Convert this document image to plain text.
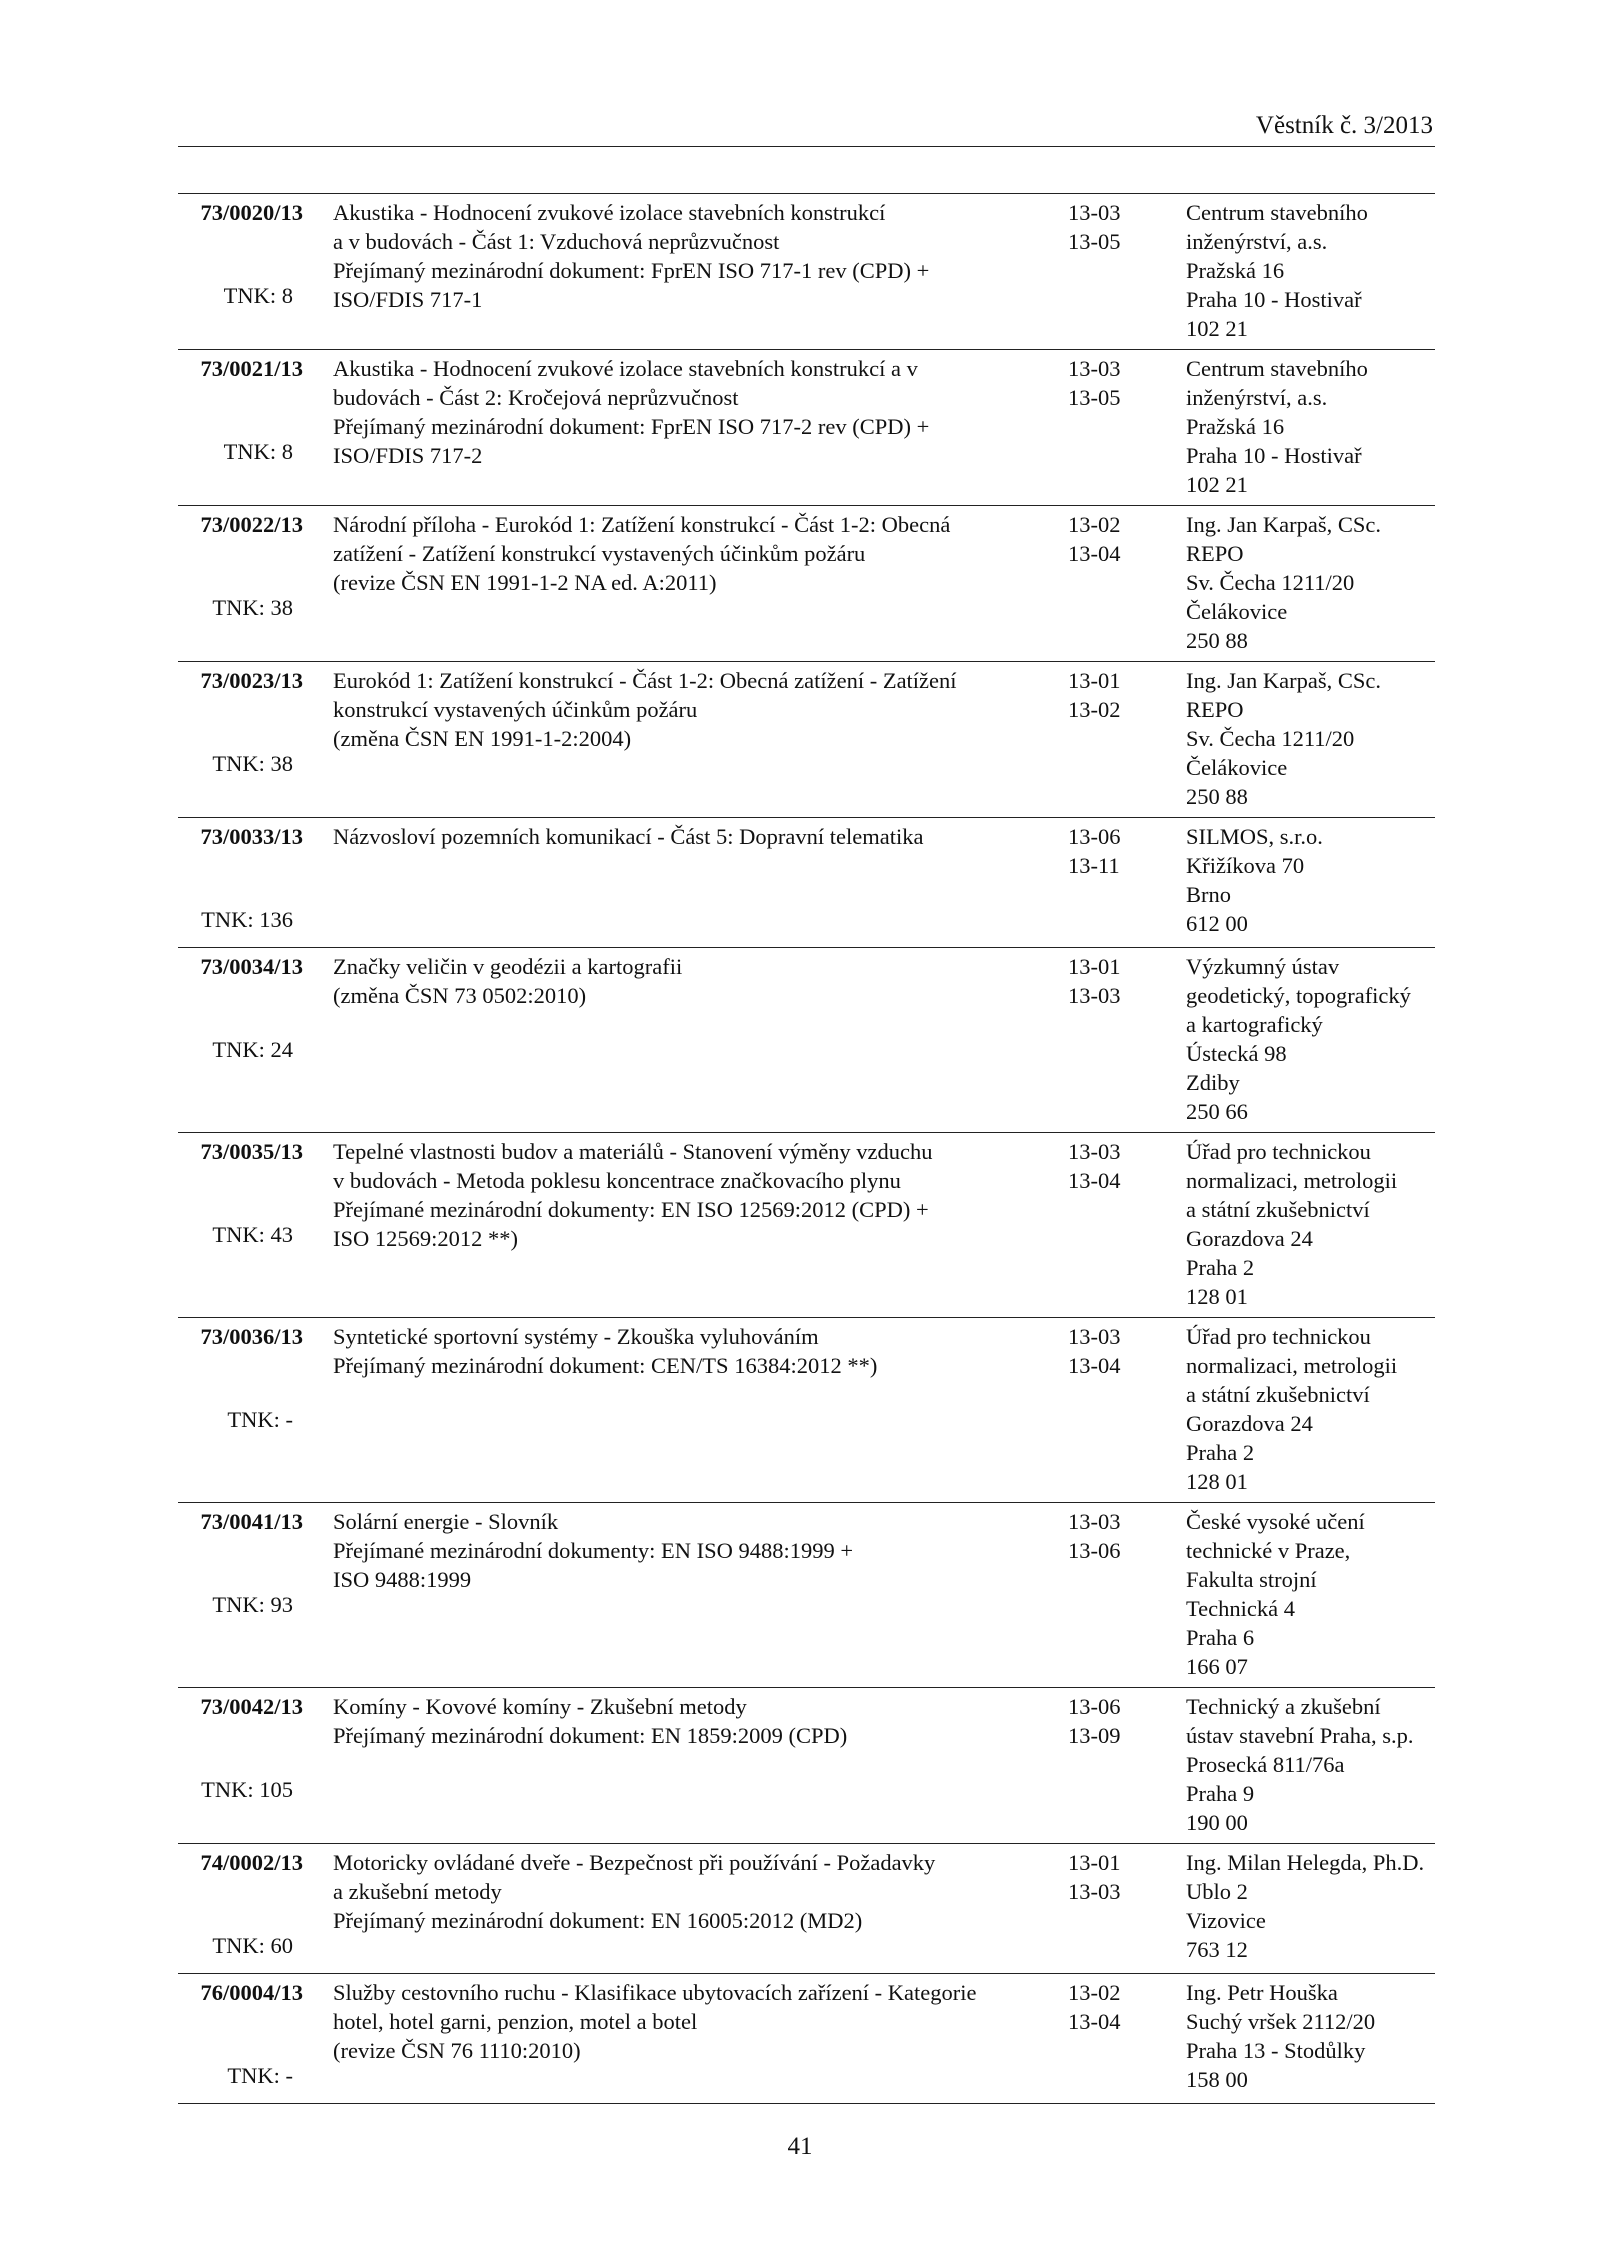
Věstník č. 3/2013
73/0020/13
TNK: 8
Akustika - Hodnocení zvukové izolace stavebních konstrukcí
a v budovách - Část 1: Vzduchová neprůzvučnost
Přejímaný mezinárodní dokument: FprEN ISO 717-1 rev (CPD) +
ISO/FDIS 717-1
13-03
13-05
Centrum stavebního
inženýrství, a.s.
Pražská 16
Praha 10 - Hostivař
102 21
73/0021/13
TNK: 8
Akustika - Hodnocení zvukové izolace stavebních konstrukcí a v
budovách - Část 2: Kročejová neprůzvučnost
Přejímaný mezinárodní dokument: FprEN ISO 717-2 rev (CPD) +
ISO/FDIS 717-2
13-03
13-05
Centrum stavebního
inženýrství, a.s.
Pražská 16
Praha 10 - Hostivař
102 21
73/0022/13
TNK: 38
Národní příloha - Eurokód 1: Zatížení konstrukcí - Část 1-2: Obecná
zatížení - Zatížení konstrukcí vystavených účinkům požáru
(revize ČSN EN 1991-1-2 NA ed. A:2011)
13-02
13-04
Ing. Jan Karpaš, CSc.
REPO
Sv. Čecha 1211/20
Čelákovice
250 88
73/0023/13
TNK: 38
Eurokód 1: Zatížení konstrukcí - Část 1-2: Obecná zatížení - Zatížení
konstrukcí vystavených účinkům požáru
(změna ČSN EN 1991-1-2:2004)
13-01
13-02
Ing. Jan Karpaš, CSc.
REPO
Sv. Čecha 1211/20
Čelákovice
250 88
73/0033/13
TNK: 136
Názvosloví pozemních komunikací - Část 5: Dopravní telematika	13-06
13-11
SILMOS, s.r.o.
Křižíkova 70
Brno
612 00
73/0034/13
TNK: 24
Značky veličin v geodézii a kartografii
(změna ČSN 73 0502:2010)
13-01
13-03
Výzkumný ústav
geodetický, topografický
a kartografický
Ústecká 98
Zdiby
250 66
73/0035/13
TNK: 43
Tepelné vlastnosti budov a materiálů - Stanovení výměny vzduchu
v budovách - Metoda poklesu koncentrace značkovacího plynu
Přejímané mezinárodní dokumenty: EN ISO 12569:2012 (CPD) +
ISO 12569:2012 **)
13-03
13-04
Úřad pro technickou
normalizaci, metrologii
a státní zkušebnictví
Gorazdova 24
Praha 2
128 01
73/0036/13
TNK: -
Syntetické sportovní systémy - Zkouška vyluhováním
Přejímaný mezinárodní dokument: CEN/TS 16384:2012 **)
13-03
13-04
Úřad pro technickou
normalizaci, metrologii
a státní zkušebnictví
Gorazdova 24
Praha 2
128 01
73/0041/13
TNK: 93
Solární energie - Slovník
Přejímané mezinárodní dokumenty: EN ISO 9488:1999 +
ISO 9488:1999
13-03
13-06
České vysoké učení
technické v Praze,
Fakulta strojní
Technická 4
Praha 6
166 07
73/0042/13
TNK: 105
Komíny - Kovové komíny - Zkušební metody
Přejímaný mezinárodní dokument: EN 1859:2009 (CPD)
13-06
13-09
Technický a zkušební
ústav stavební Praha, s.p.
Prosecká 811/76a
Praha 9
190 00
74/0002/13
TNK: 60
Motoricky ovládané dveře - Bezpečnost při používání - Požadavky
a zkušební metody
Přejímaný mezinárodní dokument: EN 16005:2012 (MD2)
13-01
13-03
Ing. Milan Helegda, Ph.D.
Ublo 2
Vizovice
763 12
76/0004/13
TNK: -
Služby cestovního ruchu - Klasifikace ubytovacích zařízení - Kategorie
hotel, hotel garni, penzion, motel a botel
(revize ČSN 76 1110:2010)
13-02
13-04
Ing. Petr Houška
Suchý vršek 2112/20
Praha 13 - Stodůlky
158 00
41
